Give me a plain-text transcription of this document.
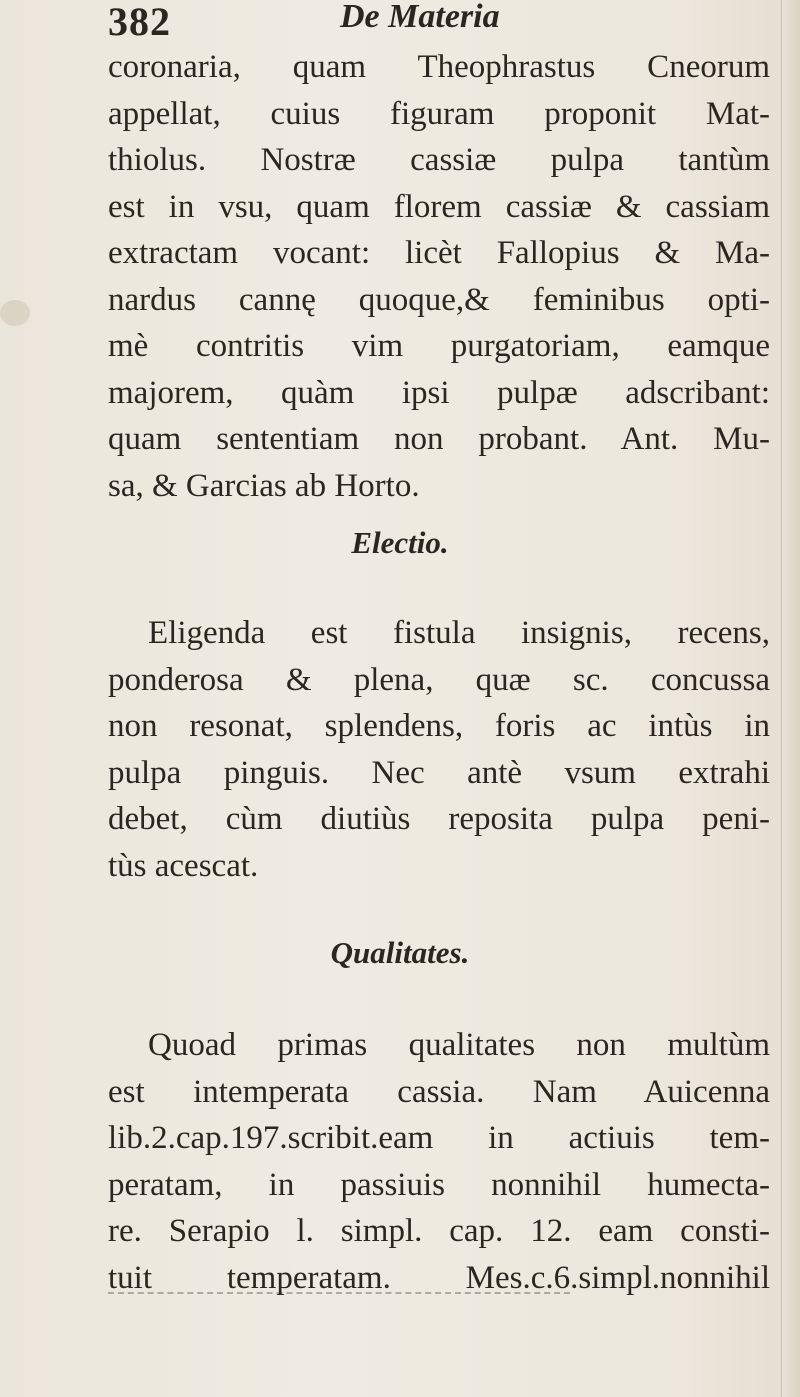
382	De Materia
coronaria, quam Theophrastus Cneorum
appellat, cuius figuram proponit Mat-
thiolus. Nostræ cassiæ pulpa tantùm
est in vsu, quam florem cassiæ & cassiam
extractam vocant: licèt Fallopius & Ma-
nardus cannę quoque,& feminibus opti-
mè contritis vim purgatoriam, eamque
majorem, quàm ipsi pulpæ adscribant:
quam sententiam non probant. Ant. Mu-
sa, & Garcias ab Horto.
Electio.
Eligenda est fistula insignis, recens,
ponderosa & plena, quæ sc. concussa
non resonat, splendens, foris ac intùs in
pulpa pinguis. Nec antè vsum extrahi
debet, cùm diutiùs reposita pulpa peni-
tùs acescat.
Qualitates.
Quoad primas qualitates non multùm
est intemperata cassia. Nam Auicenna
lib.2.cap.197.scribit.eam in actiuis tem-
peratam, in passiuis nonnihil humecta-
re. Serapio l. simpl. cap. 12. eam consti-
tuit temperatam. Mes.c.6.simpl.nonnihil
